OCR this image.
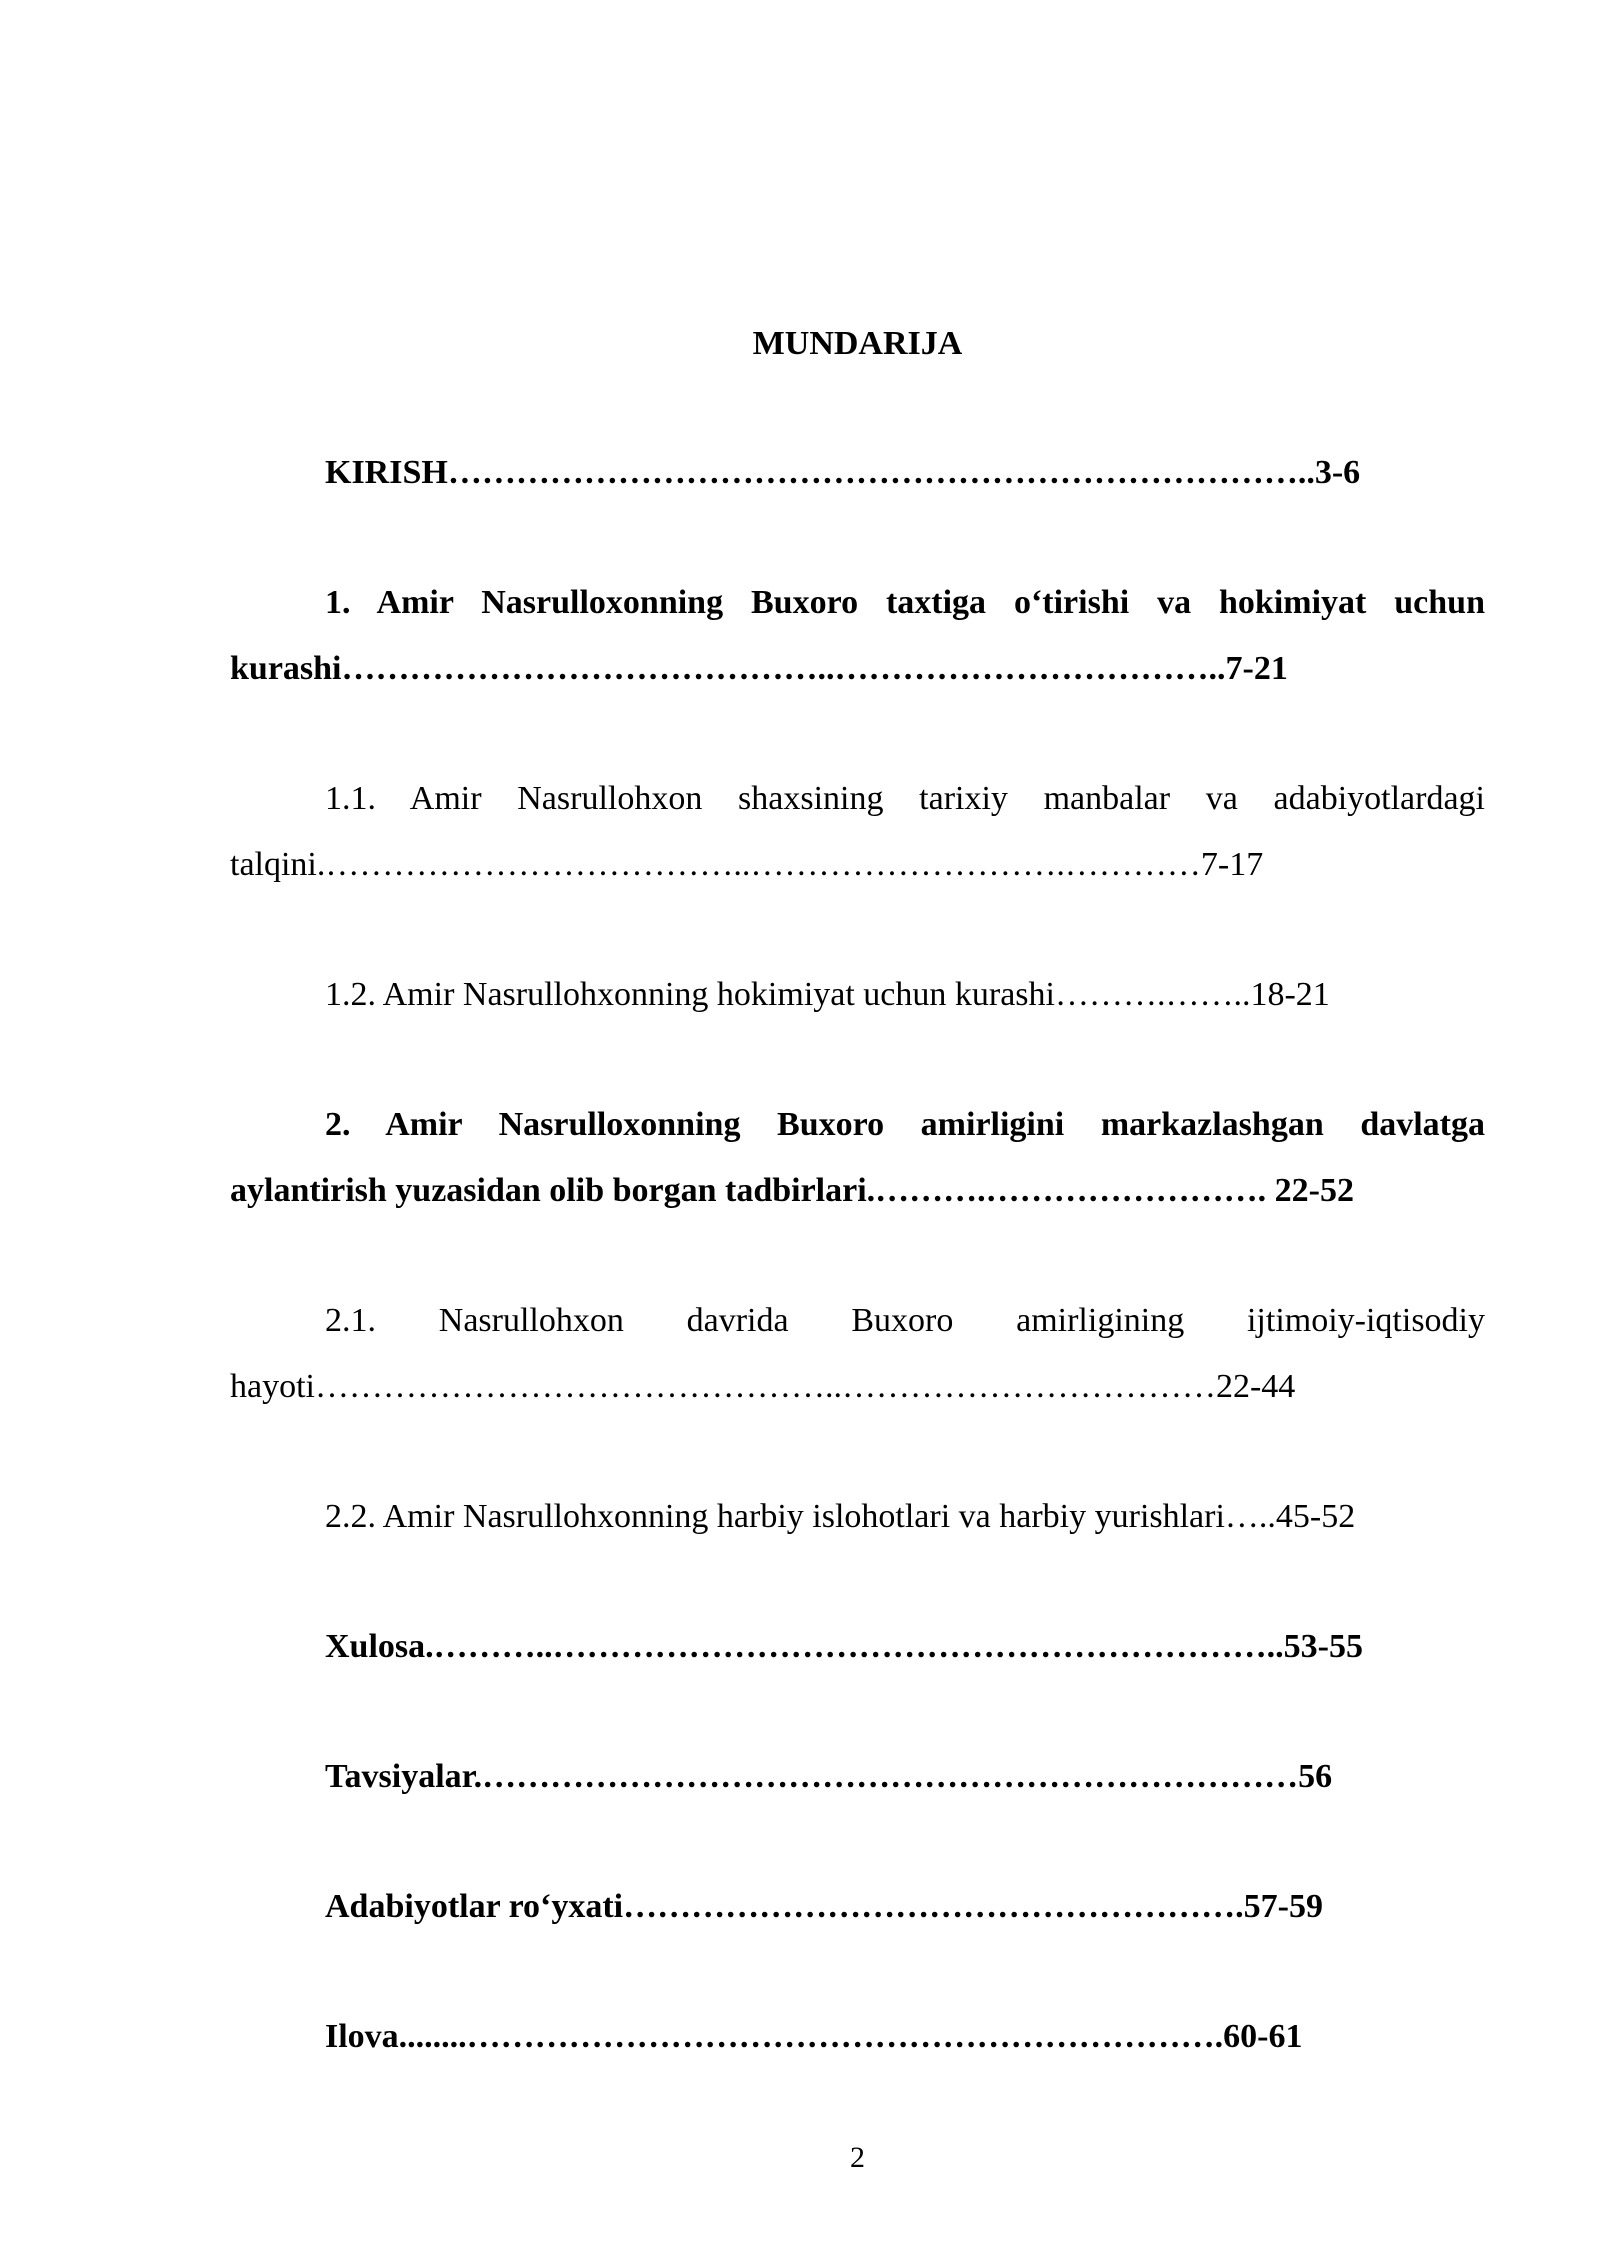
MUNDARIJA
KIRISH…………………………………………………………………..3-6
1. Amir Nasrulloxonning Buxoro taxtiga o‘tirishi va hokimiyat uchun
kurashi……………………………………..……………………………..7-21
1.1. Amir Nasrullohxon shaxsining tarixiy manbalar va adabiyotlardagi
talqini.………………………………..……………………….…………7-17
1.2. Amir Nasrullohxonning hokimiyat uchun kurashi……….……..18-21
2. Amir Nasrulloxonning Buxoro amirligini markazlashgan davlatga
aylantirish yuzasidan olib borgan tadbirlari.……….……………………. 22-52
2.1. Nasrullohxon davrida Buxoro amirligining ijtimoiy-iqtisodiy
hayoti………………………………………..……………………………22-44
2.2. Amir Nasrullohxonning harbiy islohotlari va harbiy yurishlari…..45-52
Xulosa.………..………………………………………………………..53-55
Tavsiyalar.………………………………………………………………56
Adabiyotlar ro‘yxati……………………………………………….57-59
Ilova........………………………………………………………….60-61
2
